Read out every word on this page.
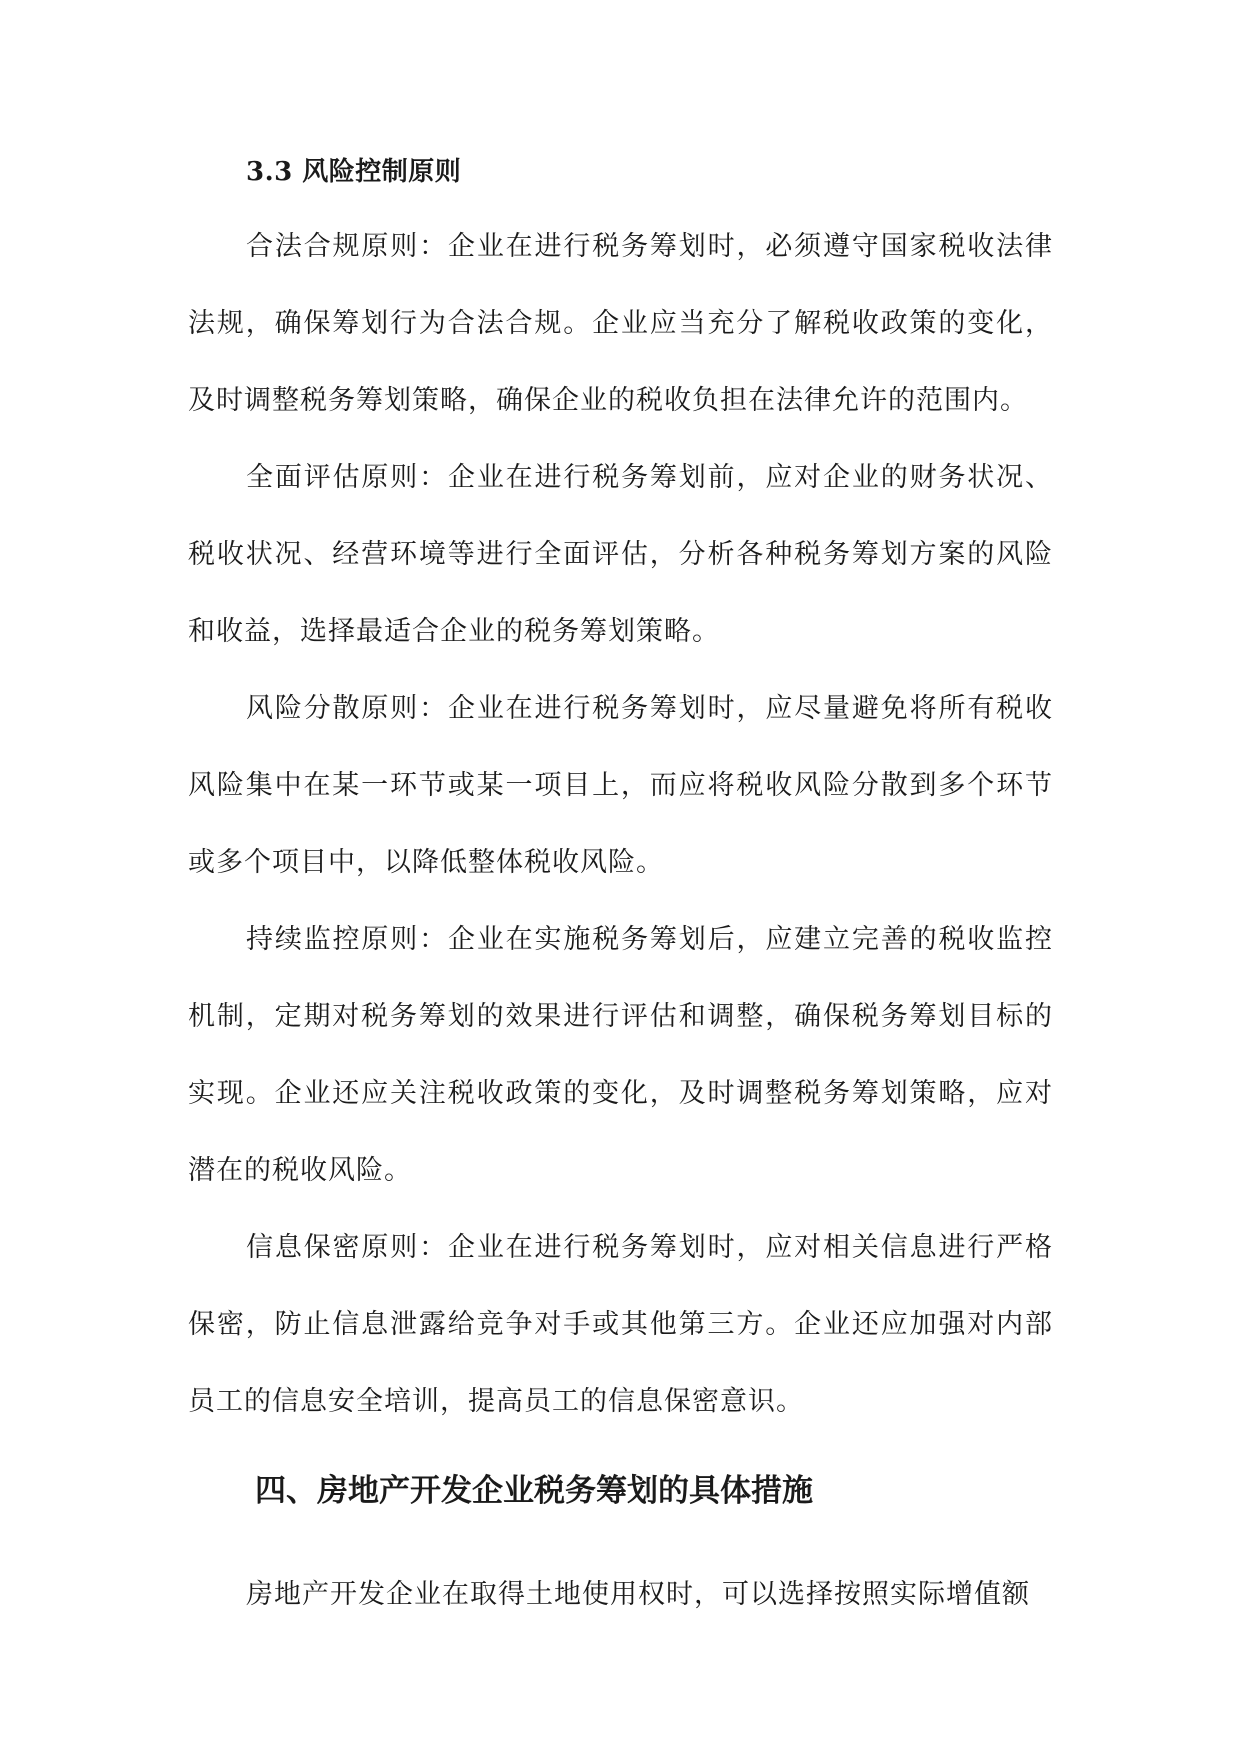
3.3 风险控制原则

合法合规原则：企业在进行税务筹划时，必须遵守国家税收法律法规，确保筹划行为合法合规。企业应当充分了解税收政策的变化，及时调整税务筹划策略，确保企业的税收负担在法律允许的范围内。

全面评估原则：企业在进行税务筹划前，应对企业的财务状况、税收状况、经营环境等进行全面评估，分析各种税务筹划方案的风险和收益，选择最适合企业的税务筹划策略。

风险分散原则：企业在进行税务筹划时，应尽量避免将所有税收风险集中在某一环节或某一项目上，而应将税收风险分散到多个环节或多个项目中，以降低整体税收风险。

持续监控原则：企业在实施税务筹划后，应建立完善的税收监控机制，定期对税务筹划的效果进行评估和调整，确保税务筹划目标的实现。企业还应关注税收政策的变化，及时调整税务筹划策略，应对潜在的税收风险。

信息保密原则：企业在进行税务筹划时，应对相关信息进行严格保密，防止信息泄露给竞争对手或其他第三方。企业还应加强对内部员工的信息安全培训，提高员工的信息保密意识。

四、房地产开发企业税务筹划的具体措施

房地产开发企业在取得土地使用权时，可以选择按照实际增值额
